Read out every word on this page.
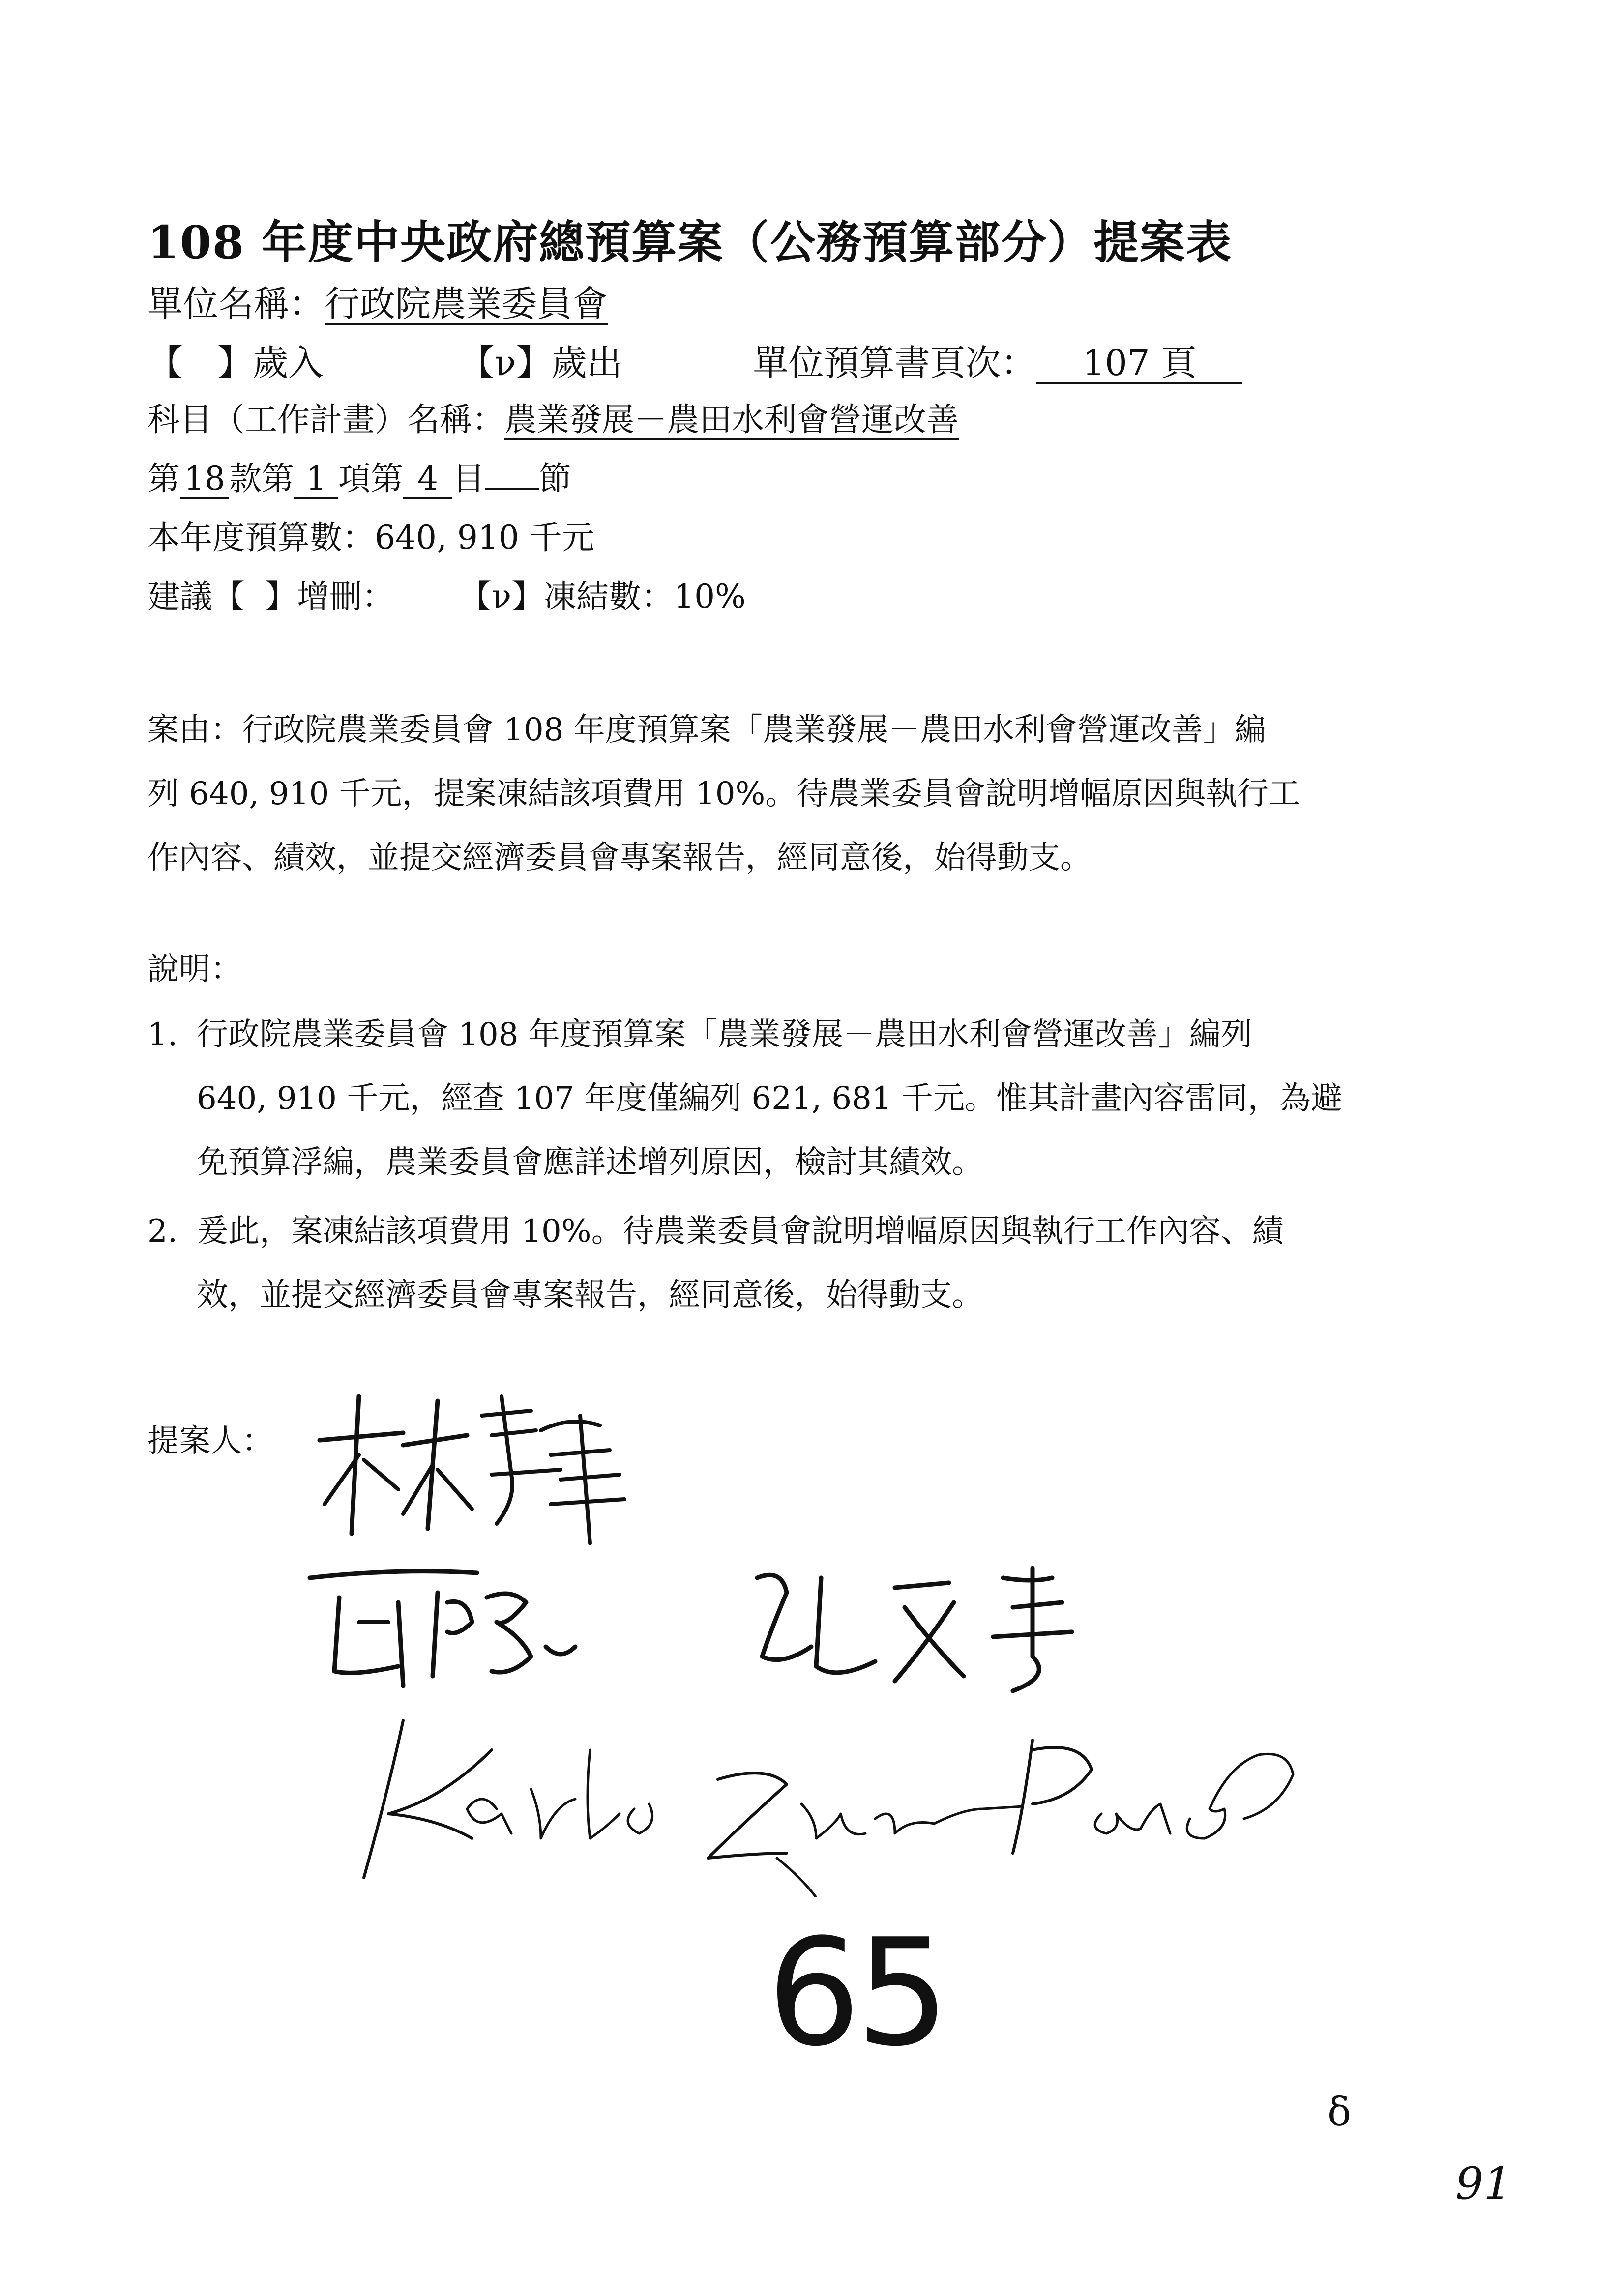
108 年度中央政府總預算案（公務預算部分）提案表
單位名稱：行政院農業委員會
【 】歲入	【ν】歲出	單位預算書頁次： 107 頁
科目（工作計畫）名稱：農業發展－農田水利會營運改善
第 18 款第 1 項第 4 目 節
本年度預算數：640, 910 千元
建議【 】增刪： 【ν】凍結數：10%
案由：行政院農業委員會 108 年度預算案「農業發展－農田水利會營運改善」編
列 640, 910 千元，提案凍結該項費用 10%。待農業委員會說明增幅原因與執行工
作內容、績效，並提交經濟委員會專案報告，經同意後，始得動支。
說明：
1. 行政院農業委員會 108 年度預算案「農業發展－農田水利會營運改善」編列
640, 910 千元，經查 107 年度僅編列 621, 681 千元。惟其計畫內容雷同，為避
免預算浮編，農業委員會應詳述增列原因，檢討其績效。
2. 爰此，案凍結該項費用 10%。待農業委員會說明增幅原因與執行工作內容、績
效，並提交經濟委員會專案報告，經同意後，始得動支。
提案人：
65
δ
91
